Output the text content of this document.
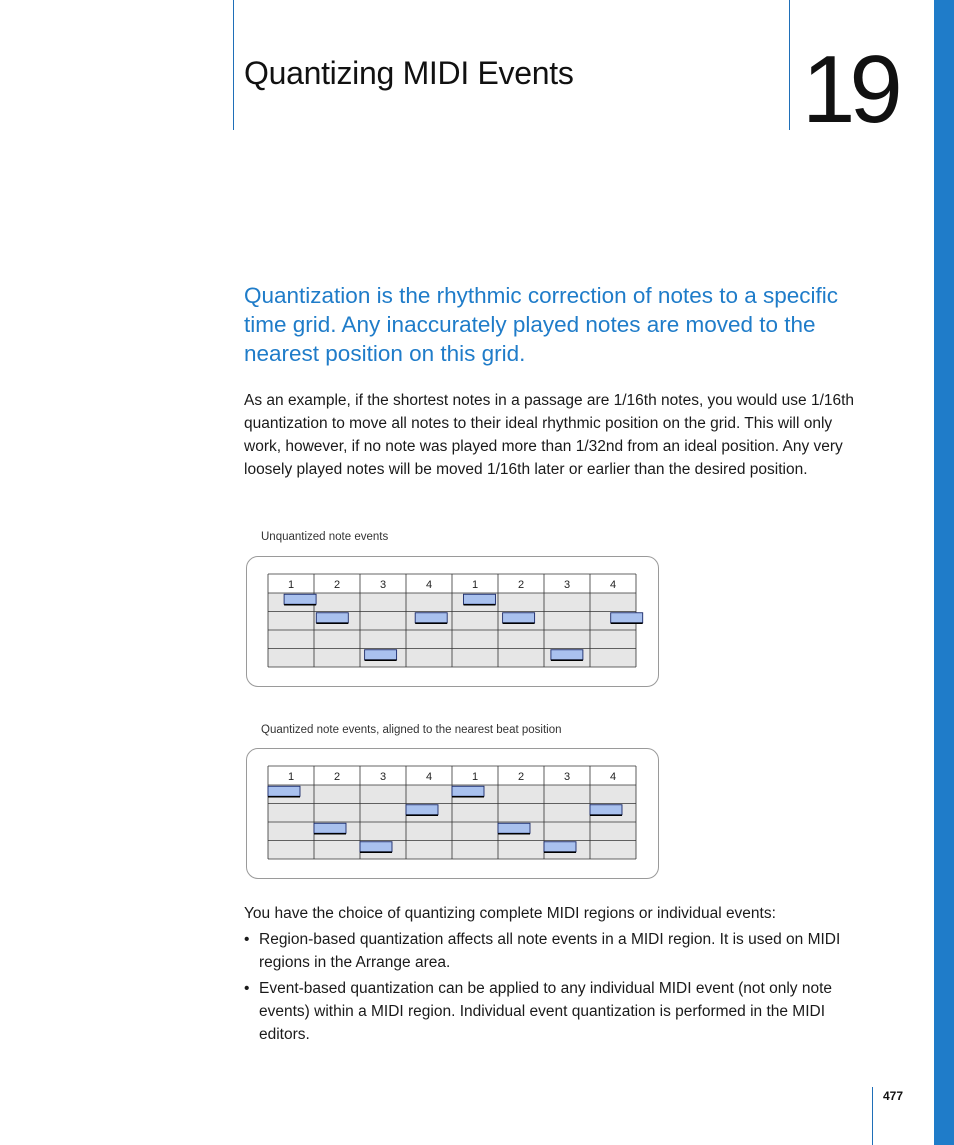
Quantizing MIDI Events 19

Quantization is the rhythmic correction of notes to a specific time grid. Any inaccurately played notes are moved to the nearest position on this grid.

As an example, if the shortest notes in a passage are 1/16th notes, you would use 1/16th quantization to move all notes to their ideal rhythmic position on the grid. This will only work, however, if no note was played more than 1/32nd from an ideal position. Any very loosely played notes will be moved 1/16th later or earlier than the desired position.

Unquantized note events
1	2	3	4	1	2	3	4
Quantized note events, aligned to the nearest beat position
1	2	3	4	1	2	3	4

You have the choice of quantizing complete MIDI regions or individual events:

• Region-based quantization affects all note events in a MIDI region. It is used on MIDI regions in the Arrange area.
• Event-based quantization can be applied to any individual MIDI event (not only note events) within a MIDI region. Individual event quantization is performed in the MIDI editors.
477
